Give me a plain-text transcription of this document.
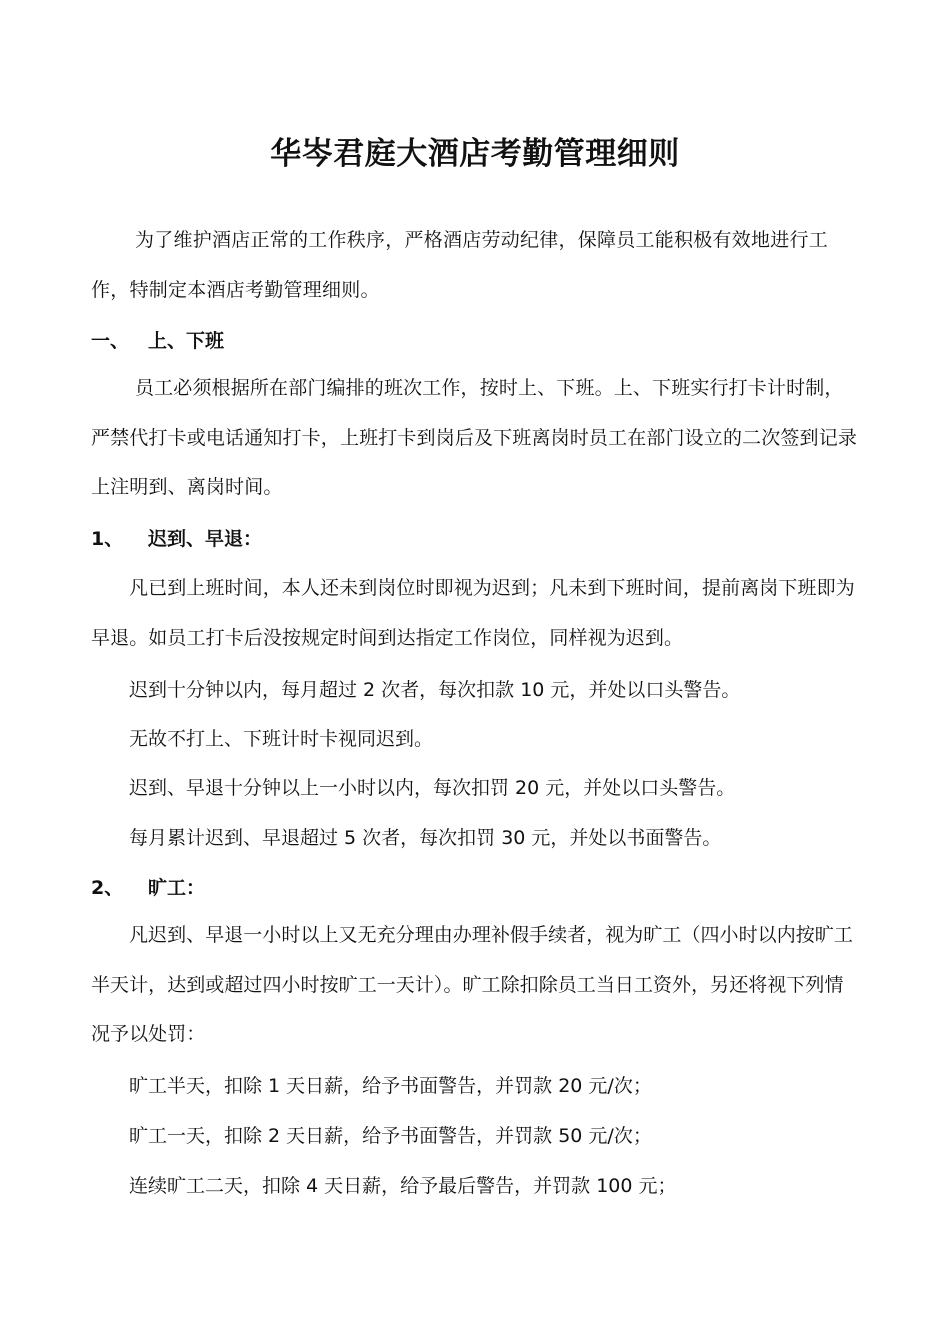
华岑君庭大酒店考勤管理细则

为了维护酒店正常的工作秩序，严格酒店劳动纪律，保障员工能积极有效地进行工作，特制定本酒店考勤管理细则。

一、 上、下班

员工必须根据所在部门编排的班次工作，按时上、下班。上、下班实行打卡计时制，严禁代打卡或电话通知打卡，上班打卡到岗后及下班离岗时员工在部门设立的二次签到记录上注明到、离岗时间。

1、 迟到、早退：

凡已到上班时间，本人还未到岗位时即视为迟到；凡未到下班时间，提前离岗下班即为早退。如员工打卡后没按规定时间到达指定工作岗位，同样视为迟到。

迟到十分钟以内，每月超过 2 次者，每次扣款 10 元，并处以口头警告。

无故不打上、下班计时卡视同迟到。

迟到、早退十分钟以上一小时以内，每次扣罚 20 元，并处以口头警告。

每月累计迟到、早退超过 5 次者，每次扣罚 30 元，并处以书面警告。

2、 旷工：

凡迟到、早退一小时以上又无充分理由办理补假手续者，视为旷工（四小时以内按旷工半天计，达到或超过四小时按旷工一天计）。旷工除扣除员工当日工资外，另还将视下列情况予以处罚：

旷工半天，扣除 1 天日薪，给予书面警告，并罚款 20 元/次；

旷工一天，扣除 2 天日薪，给予书面警告，并罚款 50 元/次；

连续旷工二天，扣除 4 天日薪，给予最后警告，并罚款 100 元；
